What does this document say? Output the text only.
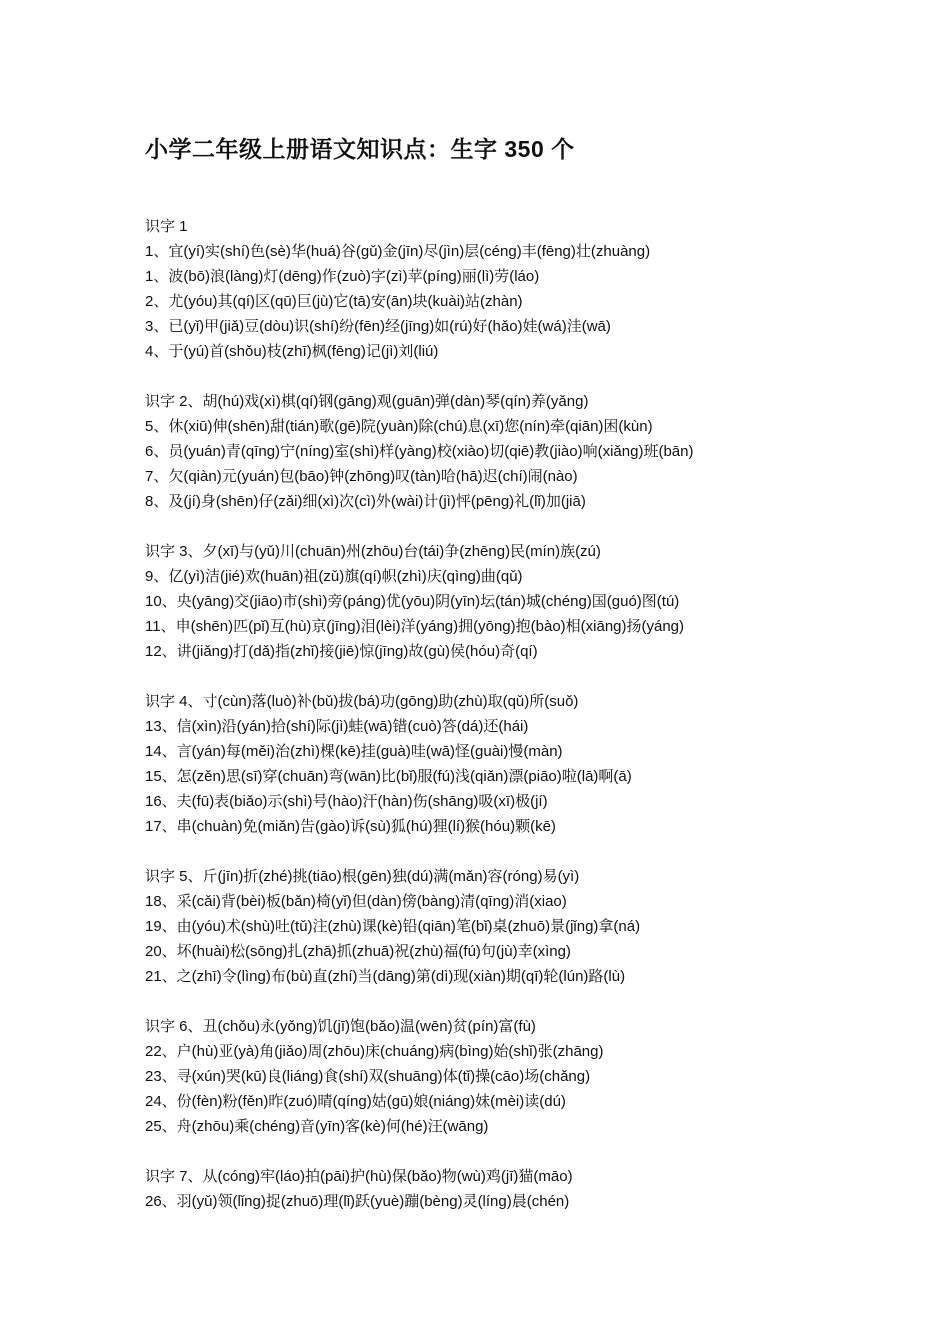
小学二年级上册语文知识点：生字 350 个
识字 1
1、宜(yí)实(shí)色(sè)华(huá)谷(gǔ)金(jīn)尽(jìn)层(céng)丰(fēng)壮(zhuàng)
1、波(bō)浪(làng)灯(dēng)作(zuò)字(zì)苹(píng)丽(lì)劳(láo)
2、尤(yóu)其(qí)区(qū)巨(jù)它(tā)安(ān)块(kuài)站(zhàn)
3、已(yǐ)甲(jiǎ)豆(dòu)识(shí)纷(fēn)经(jīng)如(rú)好(hǎo)娃(wá)洼(wā)
4、于(yú)首(shǒu)枝(zhī)枫(fēng)记(jì)刘(liú)
识字 2、胡(hú)戏(xì)棋(qí)钢(gāng)观(guān)弹(dàn)琴(qín)养(yǎng)
5、休(xiū)伸(shēn)甜(tián)歌(gē)院(yuàn)除(chú)息(xī)您(nín)牵(qiān)困(kùn)
6、员(yuán)青(qīng)宁(níng)室(shì)样(yàng)校(xiào)切(qiē)教(jiào)响(xiǎng)班(bān)
7、欠(qiàn)元(yuán)包(bāo)钟(zhōng)叹(tàn)哈(hā)迟(chí)闹(nào)
8、及(jí)身(shēn)仔(zǎi)细(xì)次(cì)外(wài)计(jì)怦(pēng)礼(lǐ)加(jiā)
识字 3、夕(xī)与(yǔ)川(chuān)州(zhōu)台(tái)争(zhēng)民(mín)族(zú)
9、亿(yì)洁(jié)欢(huān)祖(zǔ)旗(qí)帜(zhì)庆(qìng)曲(qǔ)
10、央(yāng)交(jiāo)市(shì)旁(páng)优(yōu)阴(yīn)坛(tán)城(chéng)国(guó)图(tú)
11、申(shēn)匹(pǐ)互(hù)京(jīng)泪(lèi)洋(yáng)拥(yōng)抱(bào)相(xiāng)扬(yáng)
12、讲(jiǎng)打(dǎ)指(zhǐ)接(jiē)惊(jīng)故(gù)侯(hóu)奇(qí)
识字 4、寸(cùn)落(luò)补(bǔ)拔(bá)功(gōng)助(zhù)取(qǔ)所(suǒ)
13、信(xìn)沿(yán)拾(shí)际(jì)蛙(wā)错(cuò)答(dá)还(hái)
14、言(yán)每(měi)治(zhì)棵(kē)挂(guà)哇(wā)怪(guài)慢(màn)
15、怎(zěn)思(sī)穿(chuān)弯(wān)比(bǐ)服(fú)浅(qiǎn)漂(piāo)啦(lā)啊(ā)
16、夫(fū)表(biǎo)示(shì)号(hào)汗(hàn)伤(shāng)吸(xī)极(jí)
17、串(chuàn)免(miǎn)告(gào)诉(sù)狐(hú)狸(lí)猴(hóu)颗(kē)
识字 5、斤(jīn)折(zhé)挑(tiāo)根(gēn)独(dú)满(mǎn)容(róng)易(yì)
18、采(cǎi)背(bèi)板(bǎn)椅(yǐ)但(dàn)傍(bàng)清(qīng)消(xiao)
19、由(yóu)术(shù)吐(tǔ)注(zhù)课(kè)铅(qiān)笔(bǐ)桌(zhuō)景(jǐng)拿(ná)
20、坏(huài)松(sōng)扎(zhā)抓(zhuā)祝(zhù)福(fú)句(jù)幸(xìng)
21、之(zhī)令(lìng)布(bù)直(zhí)当(dāng)第(dì)现(xiàn)期(qī)轮(lún)路(lù)
识字 6、丑(chǒu)永(yǒng)饥(jī)饱(bǎo)温(wēn)贫(pín)富(fù)
22、户(hù)亚(yà)角(jiǎo)周(zhōu)床(chuáng)病(bìng)始(shǐ)张(zhāng)
23、寻(xún)哭(kū)良(liáng)食(shí)双(shuāng)体(tǐ)操(cāo)场(chǎng)
24、份(fèn)粉(fěn)昨(zuó)晴(qíng)姑(gū)娘(niáng)妹(mèi)读(dú)
25、舟(zhōu)乘(chéng)音(yīn)客(kè)何(hé)汪(wāng)
识字 7、从(cóng)牢(láo)拍(pāi)护(hù)保(bǎo)物(wù)鸡(jī)猫(māo)
26、羽(yǔ)领(lǐng)捉(zhuō)理(lǐ)跃(yuè)蹦(bèng)灵(líng)晨(chén)
